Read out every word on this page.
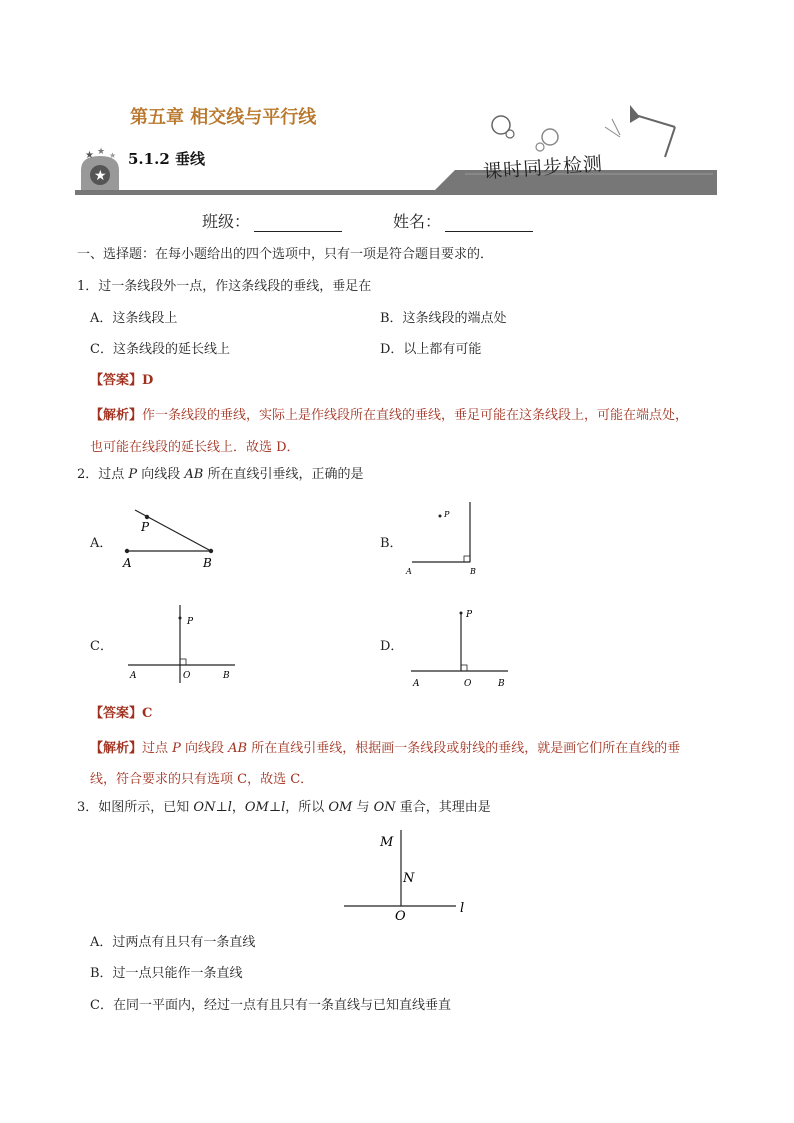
★
★ ★ ★
第五章 相交线与平行线
5.1.2 垂线	课时同步检测
班级：	姓名：
一、选择题：在每小题给出的四个选项中，只有一项是符合题目要求的．
1．过一条线段外一点，作这条线段的垂线，垂足在
A．这条线段上	B．这条线段的端点处
C．这条线段的延长线上	D．以上都有可能
【答案】D
【解析】作一条线段的垂线，实际上是作线段所在直线的垂线，垂足可能在这条线段上，可能在端点处，
也可能在线段的延长线上．故选 D．
2．过点 P 向线段 AB 所在直线引垂线，正确的是
A．	B．
C．	D．
P
A	B
P
A	B
P
A	O	B
P
A	O	B
【答案】C
【解析】过点 P 向线段 AB 所在直线引垂线，根据画一条线段或射线的垂线，就是画它们所在直线的垂
线，符合要求的只有选项 C，故选 C．
3．如图所示，已知 ON⊥l，OM⊥l，所以 OM 与 ON 重合，其理由是
M
N
O
l
A．过两点有且只有一条直线
B．过一点只能作一条直线
C．在同一平面内，经过一点有且只有一条直线与已知直线垂直
